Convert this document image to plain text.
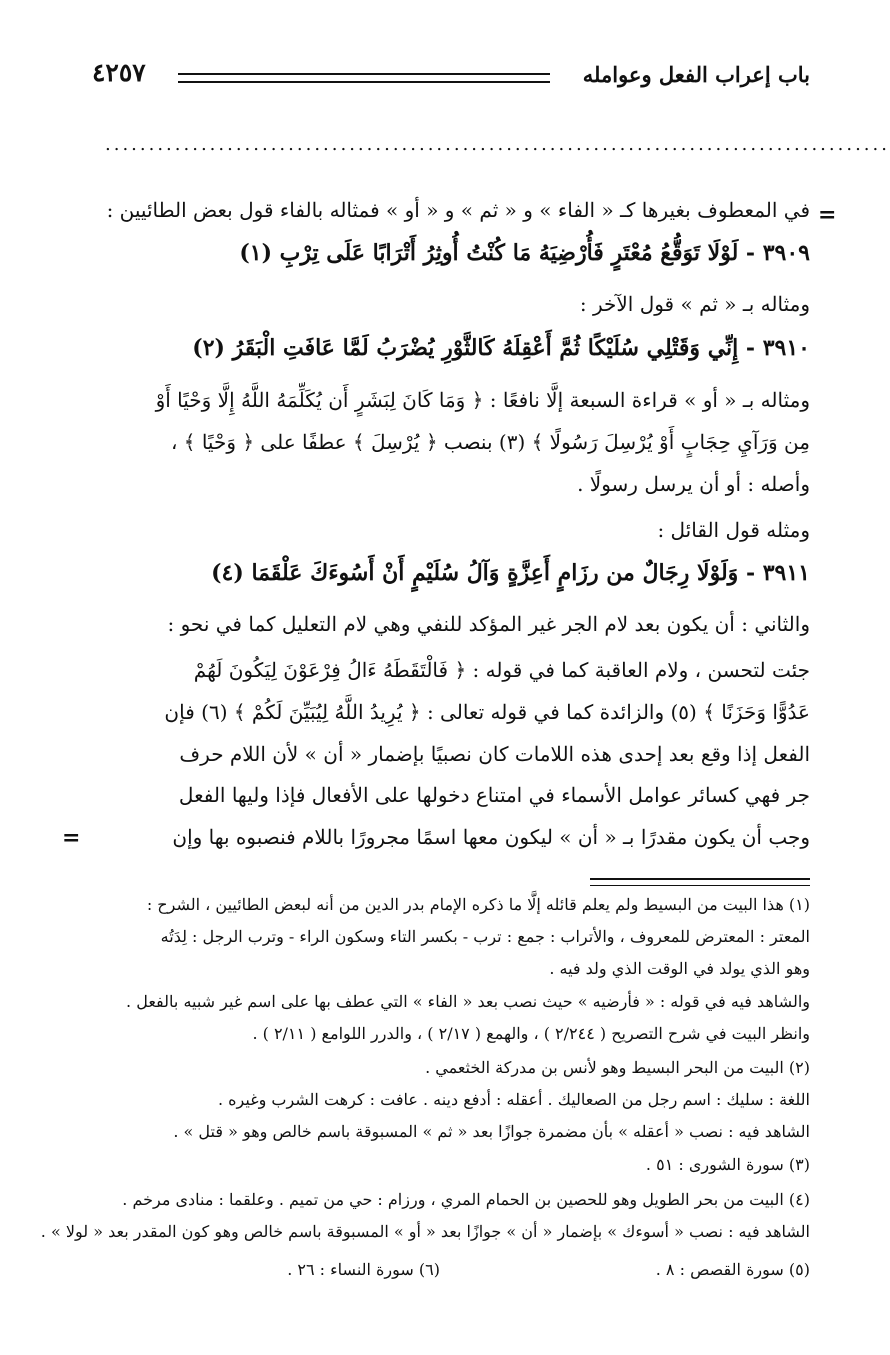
باب إعراب الفعل وعوامله
٤٢٥٧
..........................................................................................
=
=
في المعطوف بغيرها كـ « الفاء » و « ثم » و « أو » فمثاله بالفاء قول بعض الطائيين :
٣٩٠٩ - لَوْلَا تَوَقُّعُ مُعْتَرٍ فَأُرْضِيَهُ مَا كُنْتُ أُوثِرُ أَتْرَابًا عَلَى تِرْبِ (١)
ومثاله بـ « ثم » قول الآخر :
٣٩١٠ - إِنِّي وَقَتْلِي سُلَيْكًا ثُمَّ أَعْقِلَهُ كَالثَّوْرِ يُضْرَبُ لَمَّا عَافَتِ الْبَقَرُ (٢)
ومثاله بـ « أو » قراءة السبعة إلَّا نافعًا : ﴿ وَمَا كَانَ لِبَشَرٍ أَن يُكَلِّمَهُ اللَّهُ إِلَّا وَحْيًا أَوْ
مِن وَرَآيِ حِجَابٍ أَوْ يُرْسِلَ رَسُولًا ﴾ (٣) بنصب ﴿ يُرْسِلَ ﴾ عطفًا على ﴿ وَحْيًا ﴾ ،
وأصله : أو أن يرسل رسولًا .
ومثله قول القائل :
٣٩١١ - وَلَوْلَا رِجَالٌ من رزَامٍ أَعِزَّةٍ وَآلُ سُلَيْمٍ أَنْ أَسُوءَكَ عَلْقَمَا (٤)
والثاني : أن يكون بعد لام الجر غير المؤكد للنفي وهي لام التعليل كما في نحو :
جئت لتحسن ، ولام العاقبة كما في قوله : ﴿ فَالْتَقَطَهُ ءَالُ فِرْعَوْنَ لِيَكُونَ لَهُمْ
عَدُوًّا وَحَزَنًا ﴾ (٥) والزائدة كما في قوله تعالى : ﴿ يُرِيدُ اللَّهُ لِيُبَيِّنَ لَكُمْ ﴾ (٦) فإن
الفعل إذا وقع بعد إحدى هذه اللامات كان نصبيًا بإضمار « أن » لأن اللام حرف
جر فهي كسائر عوامل الأسماء في امتناع دخولها على الأفعال فإذا وليها الفعل
وجب أن يكون مقدرًا بـ « أن » ليكون معها اسمًا مجرورًا باللام فنصبوه بها وإن
(١) هذا البيت من البسيط ولم يعلم قائله إلَّا ما ذكره الإمام بدر الدين من أنه لبعض الطائيين ، الشرح :
المعتر : المعترض للمعروف ، والأتراب : جمع : ترب - بكسر التاء وسكون الراء - وترب الرجل : لِدَتُه
وهو الذي يولد في الوقت الذي ولد فيه .
والشاهد فيه في قوله : « فأرضيه » حيث نصب بعد « الفاء » التي عطف بها على اسم غير شبيه بالفعل .
وانظر البيت في شرح التصريح ( ٢/٢٤٤ ) ، والهمع ( ٢/١٧ ) ، والدرر اللوامع ( ٢/١١ ) .
(٢) البيت من البحر البسيط وهو لأنس بن مدركة الخثعمي .
اللغة : سليك : اسم رجل من الصعاليك . أعقله : أدفع دينه . عافت : كرهت الشرب وغيره .
الشاهد فيه : نصب « أعقله » بأن مضمرة جوازًا بعد « ثم » المسبوقة باسم خالص وهو « قتل » .
(٣) سورة الشورى : ٥١ .
(٤) البيت من بحر الطويل وهو للحصين بن الحمام المري ، ورزام : حي من تميم . وعلقما : منادى مرخم .
الشاهد فيه : نصب « أسوءك » بإضمار « أن » جوازًا بعد « أو » المسبوقة باسم خالص وهو كون المقدر بعد « لولا » .
(٥) سورة القصص : ٨ .
(٦) سورة النساء : ٢٦ .
